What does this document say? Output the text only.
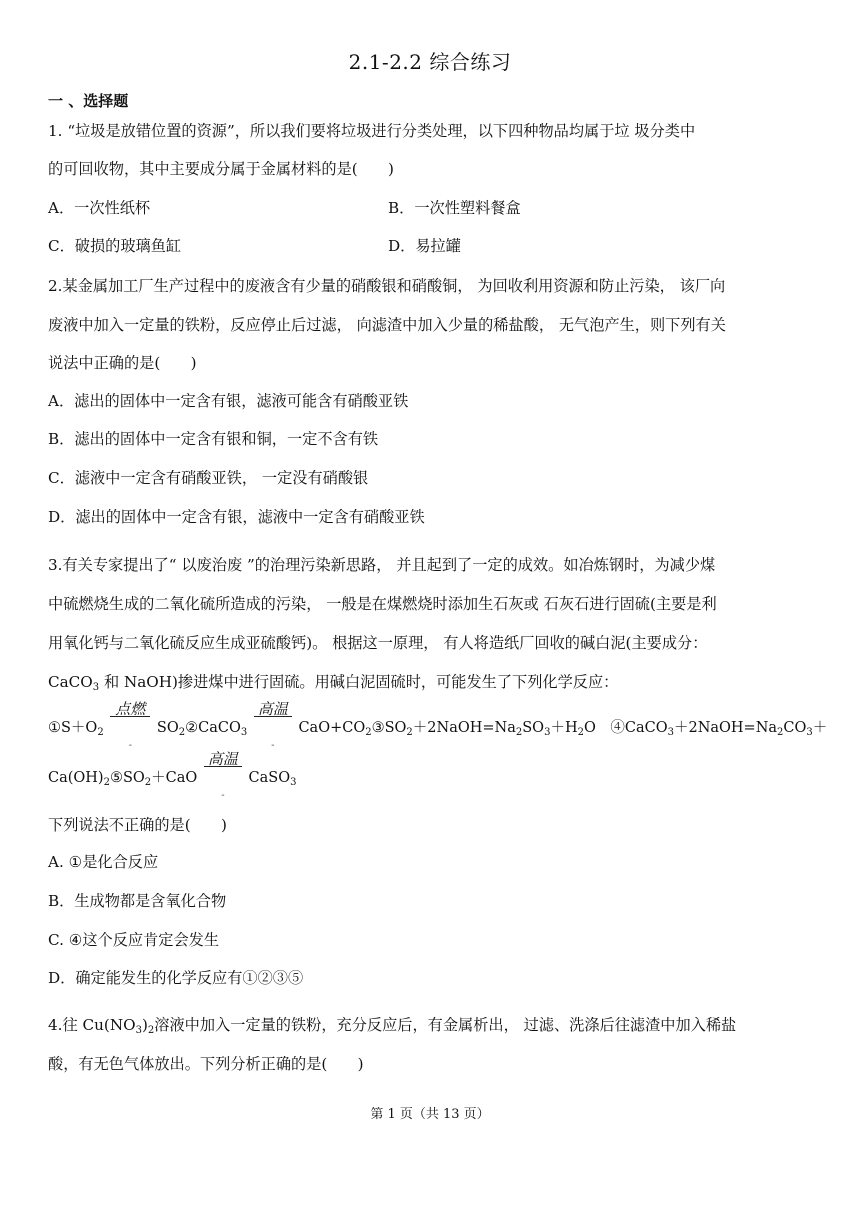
2.1-2.2 综合练习
一 、选择题
1. “垃圾是放错位置的资源”，所以我们要将垃圾进行分类处理，以下四种物品均属于垃 圾分类中
的可回收物，其中主要成分属于金属材料的是(　　)
A．一次性纸杯	B．一次性塑料餐盒
C．破损的玻璃鱼缸	D．易拉罐
2.某金属加工厂生产过程中的废液含有少量的硝酸银和硝酸铜， 为回收利用资源和防止污染， 该厂向
废液中加入一定量的铁粉，反应停止后过滤， 向滤渣中加入少量的稀盐酸， 无气泡产生，则下列有关
说法中正确的是(　　)
A．滤出的固体中一定含有银，滤液可能含有硝酸亚铁
B．滤出的固体中一定含有银和铜，一定不含有铁
C．滤液中一定含有硝酸亚铁， 一定没有硝酸银
D．滤出的固体中一定含有银，滤液中一定含有硝酸亚铁
3.有关专家提出了“ 以废治废 ”的治理污染新思路， 并且起到了一定的成效。如冶炼钢时，为减少煤
中硫燃烧生成的二氧化硫所造成的污染， 一般是在煤燃烧时添加生石灰或 石灰石进行固硫(主要是利
用氧化钙与二氧化硫反应生成亚硫酸钙)。 根据这一原理， 有人将造纸厂回收的碱白泥(主要成分：
CaCO$_3$ 和 NaOH)掺进煤中进行固硫。用碱白泥固硫时，可能发生了下列化学反应：
$①S+O_2$
点燃
-
$SO_2②CaCO_3$
高温
-
$CaO+CO_2③SO_2+2NaOH=Na_2SO_3+H_2O$　$④CaCO_3+2NaOH=Na_2CO_3+$
$Ca(OH)_2⑤SO_2+CaO$
高温
-
CaSO$_3$
下列说法不正确的是(　　)
A. ①是化合反应
B．生成物都是含氧化合物
C. ④这个反应肯定会发生
D．确定能发生的化学反应有①②③⑤
4.往 $Cu(NO_3)_2$溶液中加入一定量的铁粉，充分反应后，有金属析出， 过滤、洗涤后往滤渣中加入稀盐
酸，有无色气体放出。下列分析正确的是(　　)
第 1 页（共 13 页）
